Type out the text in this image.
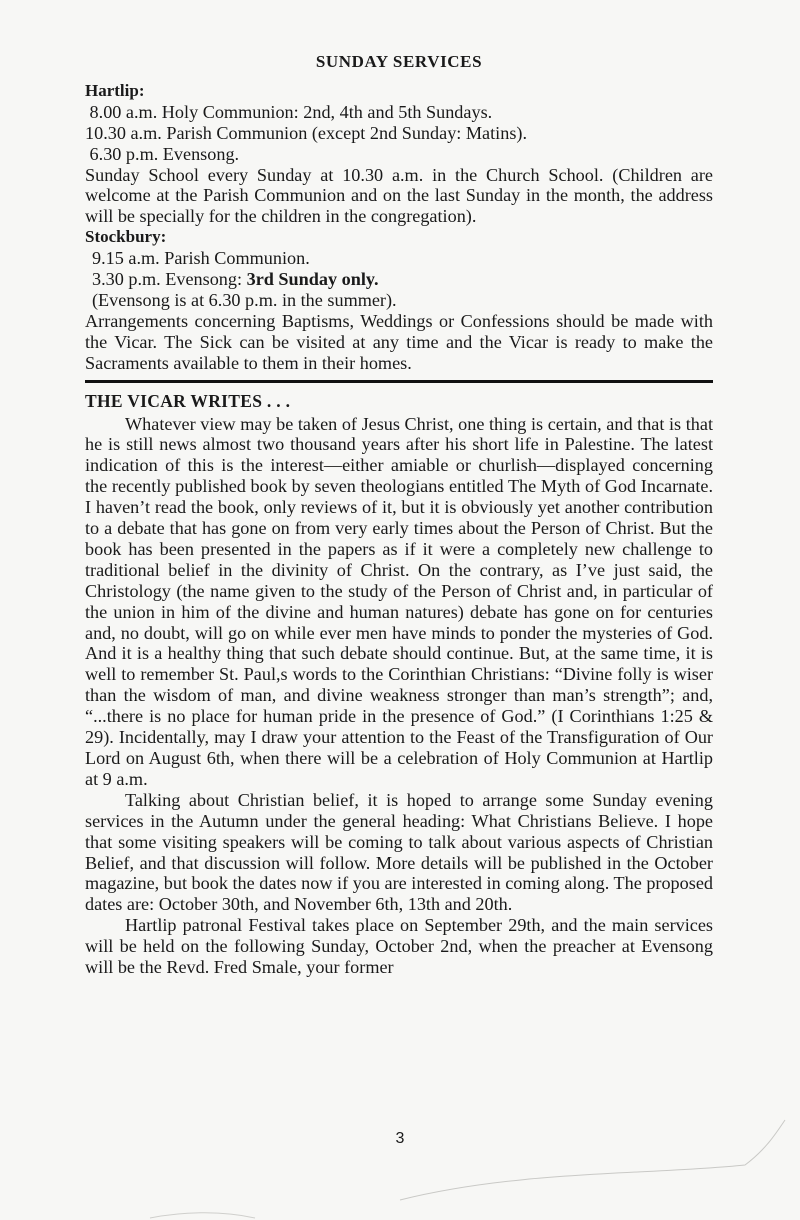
SUNDAY SERVICES
Hartlip:
8.00 a.m. Holy Communion: 2nd, 4th and 5th Sundays.
10.30 a.m. Parish Communion (except 2nd Sunday: Matins).
6.30 p.m. Evensong.
Sunday School every Sunday at 10.30 a.m. in the Church School. (Children are welcome at the Parish Communion and on the last Sunday in the month, the address will be specially for the children in the congregation).
Stockbury:
9.15 a.m. Parish Communion.
3.30 p.m. Evensong: 3rd Sunday only.
(Evensong is at 6.30 p.m. in the summer).
Arrangements concerning Baptisms, Weddings or Confessions should be made with the Vicar. The Sick can be visited at any time and the Vicar is ready to make the Sacraments available to them in their homes.
THE VICAR WRITES . . .

Whatever view may be taken of Jesus Christ, one thing is certain, and that is that he is still news almost two thousand years after his short life in Palestine. The latest indication of this is the interest—either amiable or churlish—displayed concerning the recently published book by seven theologians entitled The Myth of God Incarnate. I haven’t read the book, only reviews of it, but it is obviously yet another contribution to a debate that has gone on from very early times about the Person of Christ. But the book has been presented in the papers as if it were a completely new challenge to traditional belief in the divinity of Christ. On the contrary, as I’ve just said, the Christology (the name given to the study of the Person of Christ and, in particular of the union in him of the divine and human natures) debate has gone on for centuries and, no doubt, will go on while ever men have minds to ponder the mysteries of God. And it is a healthy thing that such debate should continue. But, at the same time, it is well to remember St. Paul,s words to the Corinthian Christians: “Divine folly is wiser than the wisdom of man, and divine weakness stronger than man’s strength”; and, “...there is no place for human pride in the presence of God.” (I Corinthians 1:25 & 29). Incidentally, may I draw your attention to the Feast of the Transfiguration of Our Lord on August 6th, when there will be a celebration of Holy Communion at Hartlip at 9 a.m.

Talking about Christian belief, it is hoped to arrange some Sunday evening services in the Autumn under the general heading: What Christians Believe. I hope that some visiting speakers will be coming to talk about various aspects of Christian Belief, and that discussion will follow. More details will be published in the October magazine, but book the dates now if you are interested in coming along. The proposed dates are: October 30th, and November 6th, 13th and 20th.

Hartlip patronal Festival takes place on September 29th, and the main services will be held on the following Sunday, October 2nd, when the preacher at Evensong will be the Revd. Fred Smale, your former

3
